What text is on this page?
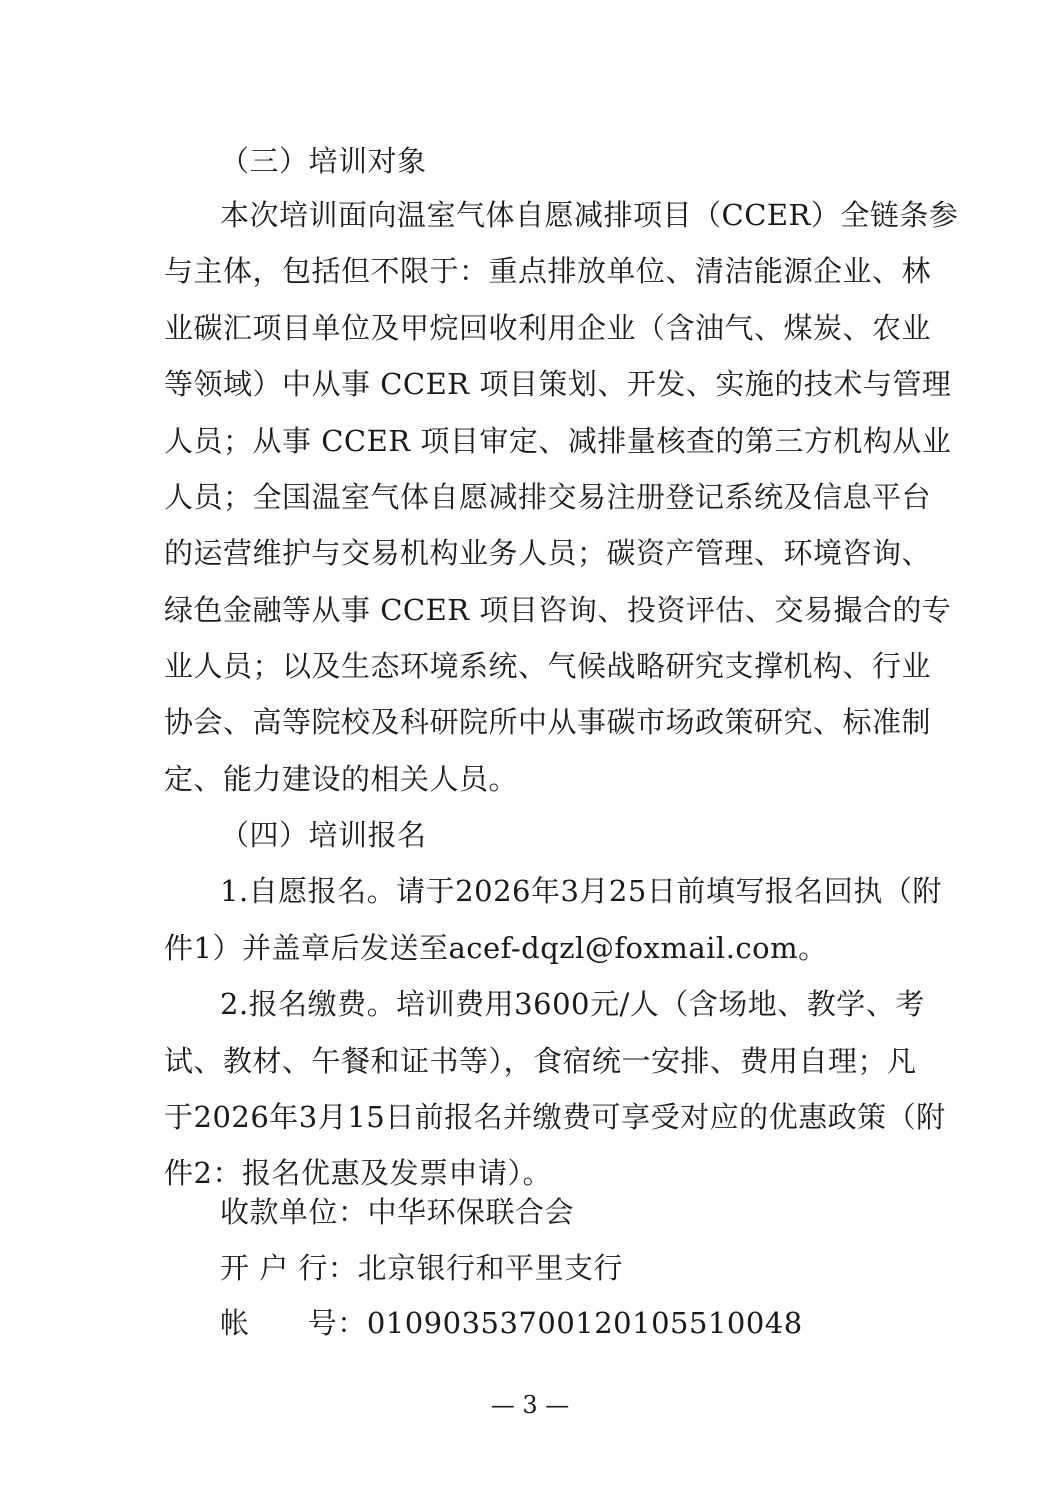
（三）培训对象
本次培训面向温室气体自愿减排项目（CCER）全链条参
与主体，包括但不限于：重点排放单位、清洁能源企业、林
业碳汇项目单位及甲烷回收利用企业（含油气、煤炭、农业
等领域）中从事 CCER 项目策划、开发、实施的技术与管理
人员；从事 CCER 项目审定、减排量核查的第三方机构从业
人员；全国温室气体自愿减排交易注册登记系统及信息平台
的运营维护与交易机构业务人员；碳资产管理、环境咨询、
绿色金融等从事 CCER 项目咨询、投资评估、交易撮合的专
业人员；以及生态环境系统、气候战略研究支撑机构、行业
协会、高等院校及科研院所中从事碳市场政策研究、标准制
定、能力建设的相关人员。
（四）培训报名
1.自愿报名。请于2026年3月25日前填写报名回执（附
件1）并盖章后发送至acef-dqzl@foxmail.com。
2.报名缴费。培训费用3600元/人（含场地、教学、考
试、教材、午餐和证书等），食宿统一安排、费用自理；凡
于2026年3月15日前报名并缴费可享受对应的优惠政策（附
件2：报名优惠及发票申请）。
收款单位：中华环保联合会
开 户 行：北京银行和平里支行
帐      号：01090353700120105510048
— 3 —
